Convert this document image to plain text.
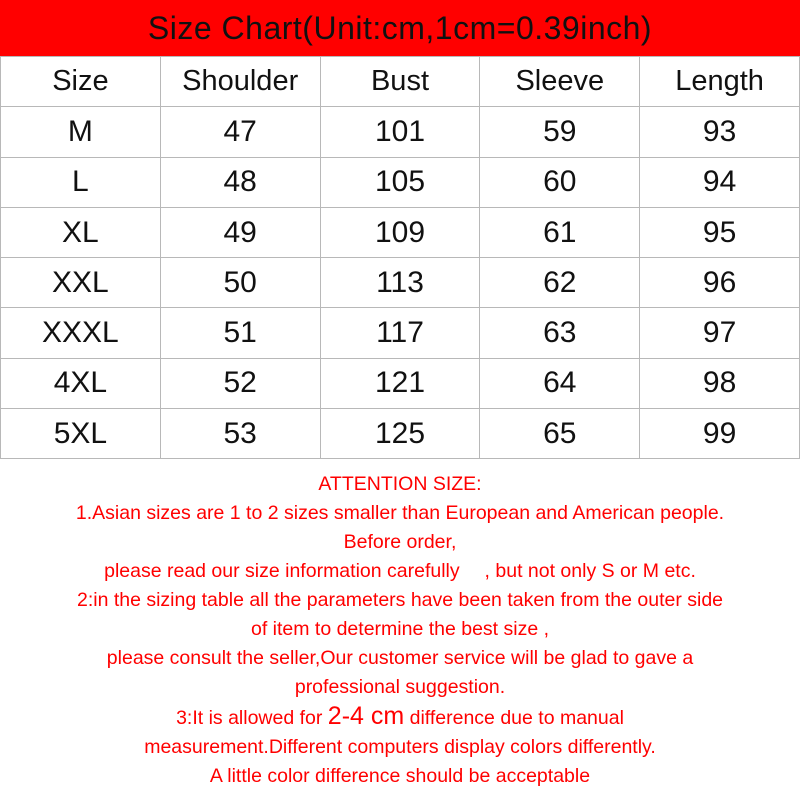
Size Chart(Unit:cm,1cm=0.39inch)
Size	Shoulder	Bust	Sleeve	Length
M	47	101	59	93
L	48	105	60	94
XL	49	109	61	95
XXL	50	113	62	96
XXXL	51	117	63	97
4XL	52	121	64	98
5XL	53	125	65	99
ATTENTION SIZE:
1.Asian sizes are 1 to 2 sizes smaller than European and American people.
Before order,
please read our size information carefully 　, but not only S or M etc.
2:in the sizing table all the parameters have been taken from the outer side
of item to determine the best size ,
please consult the seller,Our customer service will be glad to gave a
professional suggestion.
3:It is allowed for 2-4 cm difference due to manual
measurement.Different computers display colors differently.
A little color difference should be acceptable
